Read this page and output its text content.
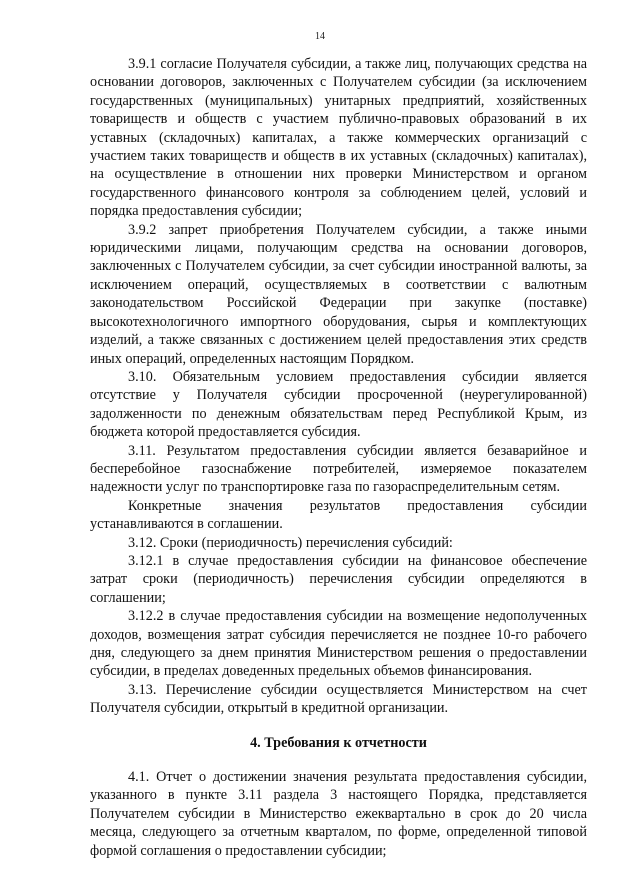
14

3.9.1 согласие Получателя субсидии, а также лиц, получающих средства на основании договоров, заключенных с Получателем субсидии (за исключением государственных (муниципальных) унитарных предприятий, хозяйственных товариществ и обществ с участием публично-правовых образований в их уставных (складочных) капиталах, а также коммерческих организаций с участием таких товариществ и обществ в их уставных (складочных) капиталах), на осуществление в отношении них проверки Министерством и органом государственного финансового контроля за соблюдением целей, условий и порядка предоставления субсидии;

3.9.2 запрет приобретения Получателем субсидии, а также иными юридическими лицами, получающим средства на основании договоров, заключенных с Получателем субсидии, за счет субсидии иностранной валюты, за исключением операций, осуществляемых в соответствии с валютным законодательством Российской Федерации при закупке (поставке) высокотехнологичного импортного оборудования, сырья и комплектующих изделий, а также связанных с достижением целей предоставления этих средств иных операций, определенных настоящим Порядком.

3.10. Обязательным условием предоставления субсидии является отсутствие у Получателя субсидии просроченной (неурегулированной) задолженности по денежным обязательствам перед Республикой Крым, из бюджета которой предоставляется субсидия.

3.11. Результатом предоставления субсидии является безаварийное и бесперебойное газоснабжение потребителей, измеряемое показателем надежности услуг по транспортировке газа по газораспределительным сетям.

Конкретные значения результатов предоставления субсидии устанавливаются в соглашении.

3.12. Сроки (периодичность) перечисления субсидий:

3.12.1 в случае предоставления субсидии на финансовое обеспечение затрат сроки (периодичность) перечисления субсидии определяются в соглашении;

3.12.2 в случае предоставления субсидии на возмещение недополученных доходов, возмещения затрат субсидия перечисляется не позднее 10-го рабочего дня, следующего за днем принятия Министерством решения о предоставлении субсидии, в пределах доведенных предельных объемов финансирования.

3.13. Перечисление субсидии осуществляется Министерством на счет Получателя субсидии, открытый в кредитной организации.

4. Требования к отчетности

4.1. Отчет о достижении значения результата предоставления субсидии, указанного в пункте 3.11 раздела 3 настоящего Порядка, представляется Получателем субсидии в Министерство ежеквартально в срок до 20 числа месяца, следующего за отчетным кварталом, по форме, определенной типовой формой соглашения о предоставлении субсидии;
